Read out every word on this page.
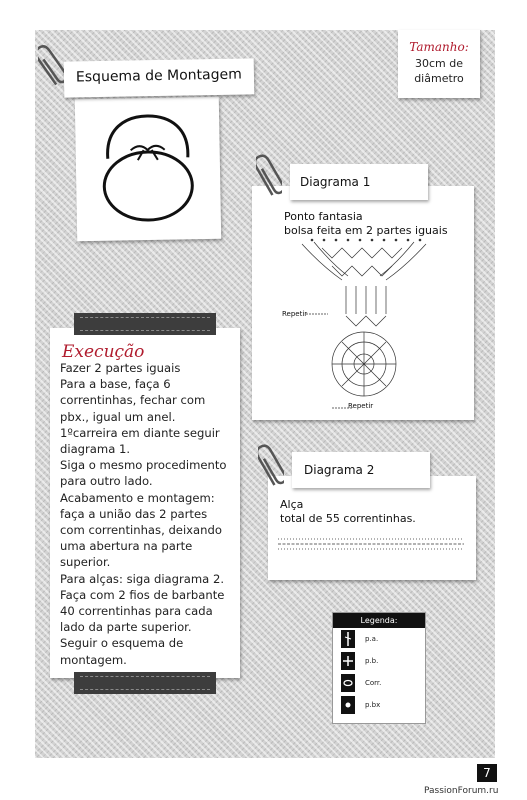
Tamanho:
30cm de diâmetro
Esquema de Montagem
Ponto fantasia
bolsa feita em 2 partes iguais
Repetir
Repetir
Diagrama 1
Alça
total de 55 correntinhas.
Diagrama 2
Execução
Fazer 2 partes iguais
Para a base, faça 6
correntinhas, fechar com
pbx., igual um anel.
1ºcarreira em diante seguir
diagrama 1.
Siga o mesmo procedimento
para outro lado.
Acabamento e montagem:
faça a união das 2 partes
com correntinhas, deixando
uma abertura na parte
superior.
Para alças: siga diagrama 2.
Faça com 2 fios de barbante
40 correntinhas para cada
lado da parte superior.
Seguir o esquema de
montagem.
Legenda:
p.a.
p.b.
Corr.
p.bx
7
PassionForum.ru
